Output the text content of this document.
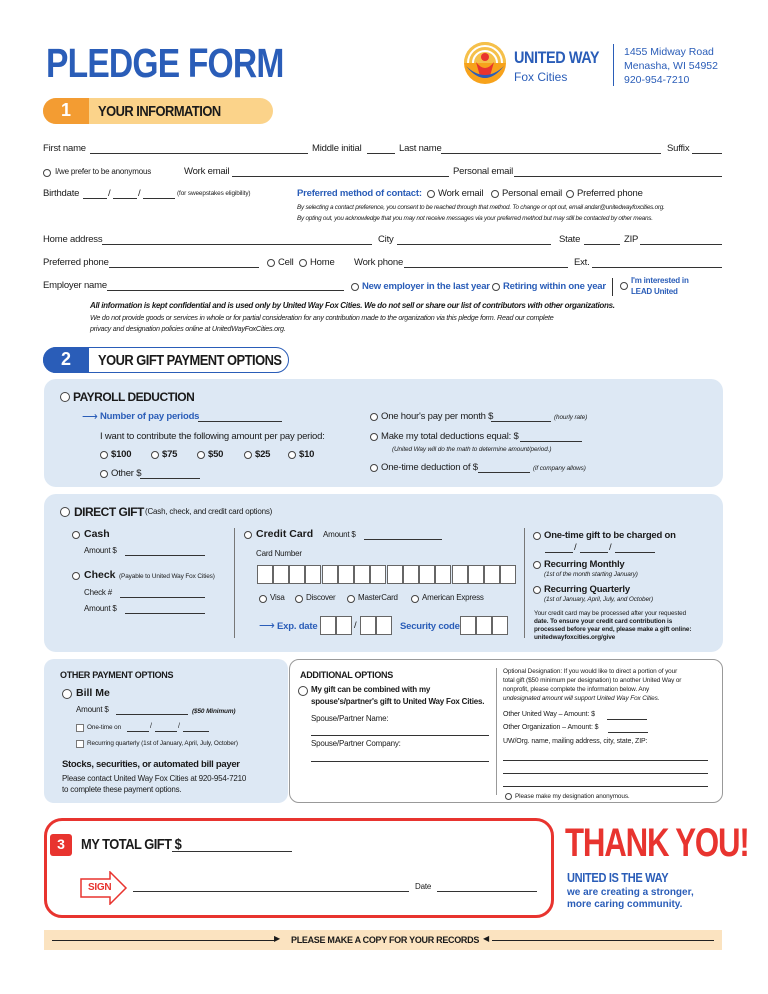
PLEDGE FORM	UNITED WAY
Fox Cities
1455 Midway Road
Menasha, WI 54952
920-954-7210
1	YOUR INFORMATION
First name	Middle initial	Last name	Suffix
I/we prefer to be anonymous	Work email	Personal email
Birthdate	/	/	(for sweepstakes eligibility)	Preferred method of contact: Work email Personal email Preferred phone
By selecting a contact preference, you consent to be reached through that method. To change or opt out, email andar@unitedwayfoxcities.org.
By opting out, you acknowledge that you may not receive messages via your preferred method but may still be contacted by other means.
Home address	City	State	ZIP
Preferred phone	Cell Home Work phone	Ext.
Employer name	New employer in the last year Retiring within one year
I'm interested in
LEAD United
All information is kept confidential and is used only by United Way Fox Cities. We do not sell or share our list of contributors with other organizations.
We do not provide goods or services in whole or for partial consideration for any contribution made to the organization via this pledge form. Read our complete
privacy and designation policies online at UnitedWayFoxCities.org.
2	YOUR GIFT PAYMENT OPTIONS
PAYROLL DEDUCTION
⟶ Number of pay periods
I want to contribute the following amount per pay period:
$100	$75	$50	$25	$10
Other $
One hour's pay per month $	(hourly rate)
Make my total deductions equal: $
(United Way will do the math to determine amount/period.)
One-time deduction of $	(if company allows)
DIRECT GIFT (Cash, check, and credit card options)
Cash
Amount $
Check (Payable to United Way Fox Cities)
Check #
Amount $
Credit Card Amount $
Card Number
Visa	Discover	MasterCard	American Express
⟶ Exp. date	/	Security code
One-time gift to be charged on
/	/
Recurring Monthly
(1st of the month starting January)
Recurring Quarterly
(1st of January, April, July, and October)
Your credit card may be processed after your requested
date. To ensure your credit card contribution is
processed before year end, please make a gift online:
unitedwayfoxcities.org/give
OTHER PAYMENT OPTIONS
Bill Me
Amount $	($50 Minimum)
One-time on	/	/
Recurring quarterly (1st of January, April, July, October)
Stocks, securities, or automated bill payer
Please contact United Way Fox Cities at 920-954-7210
to complete these payment options.
ADDITIONAL OPTIONS
My gift can be combined with my
spouse's/partner's gift to United Way Fox Cities.
Spouse/Partner Name:
Spouse/Partner Company:
Optional Designation: If you would like to direct a portion of your
total gift ($50 minimum per designation) to another United Way or
nonprofit, please complete the information below. Any
undesignated amount will support United Way Fox Cities.
Other United Way – Amount: $
Other Organization – Amount: $
UW/Org. name, mailing address, city, state, ZIP:
Please make my designation anonymous.
3	MY TOTAL GIFT $
SIGN	Date
THANK YOU!
UNITED IS THE WAY
we are creating a stronger,
more caring community.
▶ PLEASE MAKE A COPY FOR YOUR RECORDS ◀
